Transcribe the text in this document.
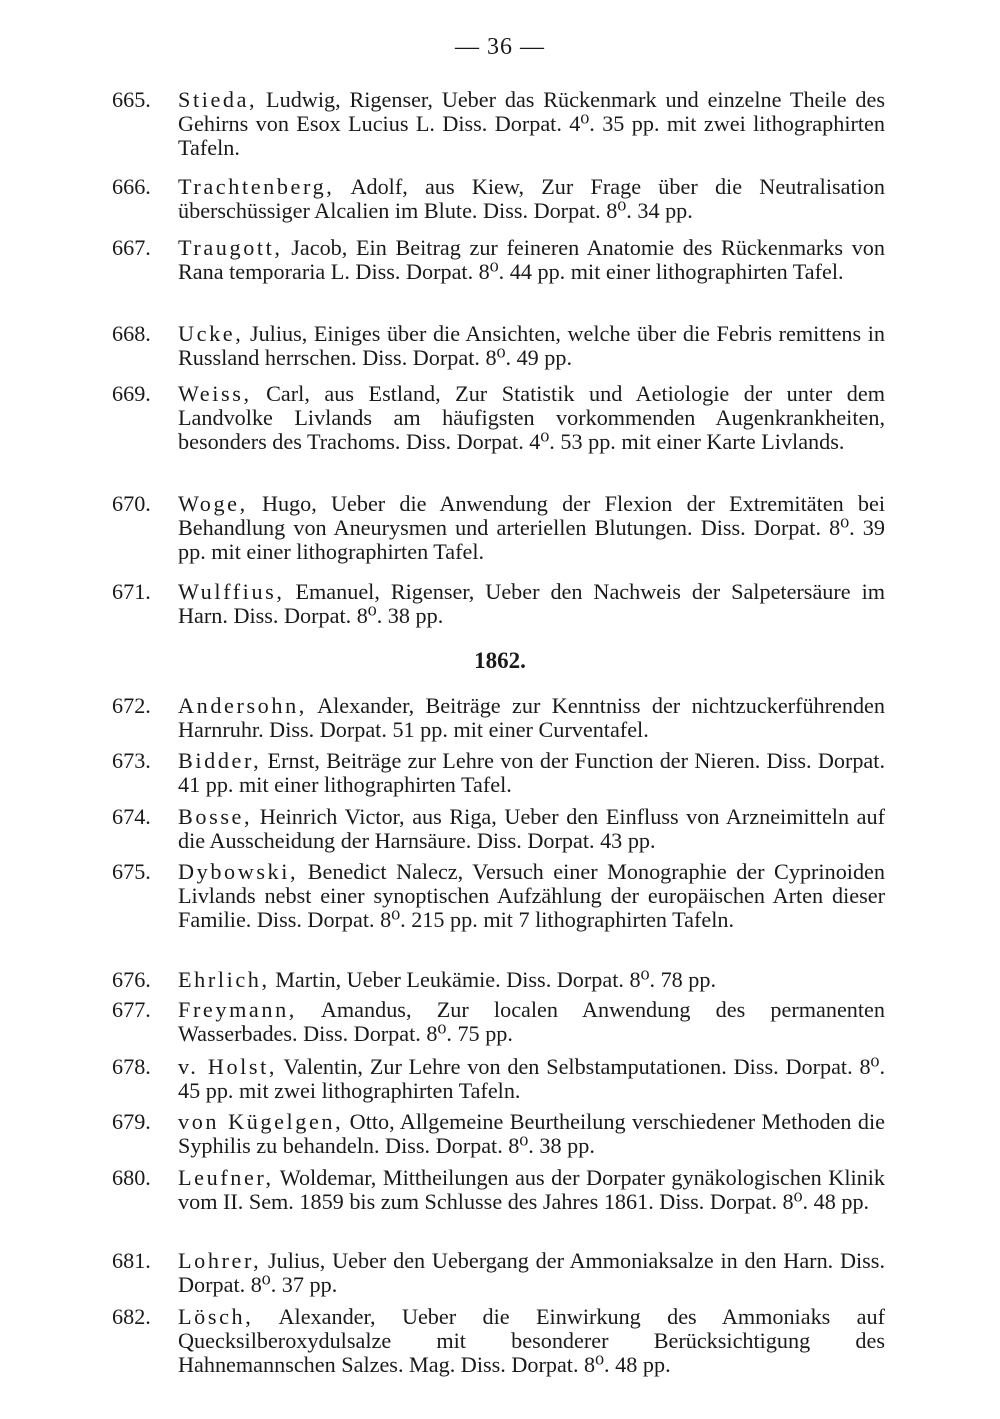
— 36 —
665.	Stieda, Ludwig, Rigenser, Ueber das Rückenmark und einzelne Theile des Gehirns von Esox Lucius L. Diss. Dorpat. 4⁰. 35 pp. mit zwei lithographirten Tafeln.
666.	Trachtenberg, Adolf, aus Kiew, Zur Frage über die Neutralisation überschüssiger Alcalien im Blute. Diss. Dorpat. 8⁰. 34 pp.
667.	Traugott, Jacob, Ein Beitrag zur feineren Anatomie des Rückenmarks von Rana temporaria L. Diss. Dorpat. 8⁰. 44 pp. mit einer lithographirten Tafel.
668.	Ucke, Julius, Einiges über die Ansichten, welche über die Febris remittens in Russland herrschen. Diss. Dorpat. 8⁰. 49 pp.
669.	Weiss, Carl, aus Estland, Zur Statistik und Aetiologie der unter dem Landvolke Livlands am häufigsten vorkommenden Augenkrankheiten, besonders des Trachoms. Diss. Dorpat. 4⁰. 53 pp. mit einer Karte Livlands.
670.	Woge, Hugo, Ueber die Anwendung der Flexion der Extremitäten bei Behandlung von Aneurysmen und arteriellen Blutungen. Diss. Dorpat. 8⁰. 39 pp. mit einer lithographirten Tafel.
671.	Wulffius, Emanuel, Rigenser, Ueber den Nachweis der Salpetersäure im Harn. Diss. Dorpat. 8⁰. 38 pp.
1862.
672.	Andersohn, Alexander, Beiträge zur Kenntniss der nichtzuckerführenden Harnruhr. Diss. Dorpat. 51 pp. mit einer Curventafel.
673.	Bidder, Ernst, Beiträge zur Lehre von der Function der Nieren. Diss. Dorpat. 41 pp. mit einer lithographirten Tafel.
674.	Bosse, Heinrich Victor, aus Riga, Ueber den Einfluss von Arzneimitteln auf die Ausscheidung der Harnsäure. Diss. Dorpat. 43 pp.
675.	Dybowski, Benedict Nalecz, Versuch einer Monographie der Cyprinoiden Livlands nebst einer synoptischen Aufzählung der europäischen Arten dieser Familie. Diss. Dorpat. 8⁰. 215 pp. mit 7 lithographirten Tafeln.
676.	Ehrlich, Martin, Ueber Leukämie. Diss. Dorpat. 8⁰. 78 pp.
677.	Freymann, Amandus, Zur localen Anwendung des permanenten Wasserbades. Diss. Dorpat. 8⁰. 75 pp.
678.	v. Holst, Valentin, Zur Lehre von den Selbstamputationen. Diss. Dorpat. 8⁰. 45 pp. mit zwei lithographirten Tafeln.
679.	von Kügelgen, Otto, Allgemeine Beurtheilung verschiedener Methoden die Syphilis zu behandeln. Diss. Dorpat. 8⁰. 38 pp.
680.	Leufner, Woldemar, Mittheilungen aus der Dorpater gynäkologischen Klinik vom II. Sem. 1859 bis zum Schlusse des Jahres 1861. Diss. Dorpat. 8⁰. 48 pp.
681.	Lohrer, Julius, Ueber den Uebergang der Ammoniaksalze in den Harn. Diss. Dorpat. 8⁰. 37 pp.
682.	Lösch, Alexander, Ueber die Einwirkung des Ammoniaks auf Quecksilberoxydulsalze mit besonderer Berücksichtigung des Hahnemannschen Salzes. Mag. Diss. Dorpat. 8⁰. 48 pp.
